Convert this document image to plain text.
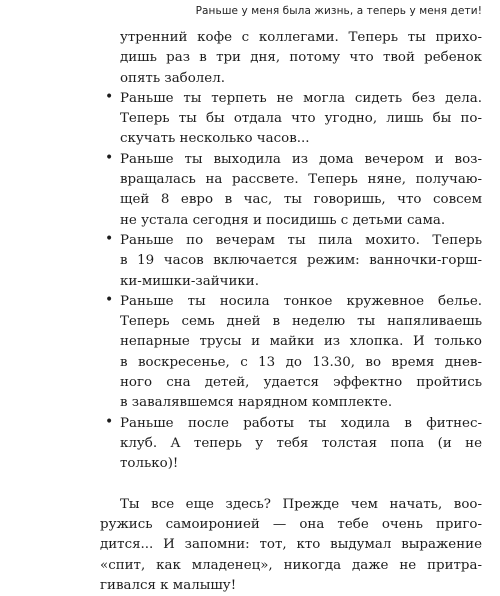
Раньше у меня была жизнь, а теперь у меня дети!
утренний кофе с коллегами. Теперь ты прихо-
дишь раз в три дня, потому что твой ребенок
опять заболел.
• Раньше ты терпеть не могла сидеть без дела.
Теперь ты бы отдала что угодно, лишь бы по-
скучать несколько часов...
• Раньше ты выходила из дома вечером и воз-
вращалась на рассвете. Теперь няне, получаю-
щей 8 евро в час, ты говоришь, что совсем
не устала сегодня и посидишь с детьми сама.
• Раньше по вечерам ты пила мохито. Теперь
в 19 часов включается режим: ванночки-горш-
ки-мишки-зайчики.
• Раньше ты носила тонкое кружевное белье.
Теперь семь дней в неделю ты напяливаешь
непарные трусы и майки из хлопка. И только
в воскресенье, с 13 до 13.30, во время днев-
ного сна детей, удается эффектно пройтись
в завалявшемся нарядном комплекте.
• Раньше после работы ты ходила в фитнес-
клуб. А теперь у тебя толстая попа (и не
только)!
Ты все еще здесь? Прежде чем начать, воо-
ружись самоиронией — она тебе очень приго-
дится... И запомни: тот, кто выдумал выражение
«спит, как младенец», никогда даже не притра-
гивался к малышу!
